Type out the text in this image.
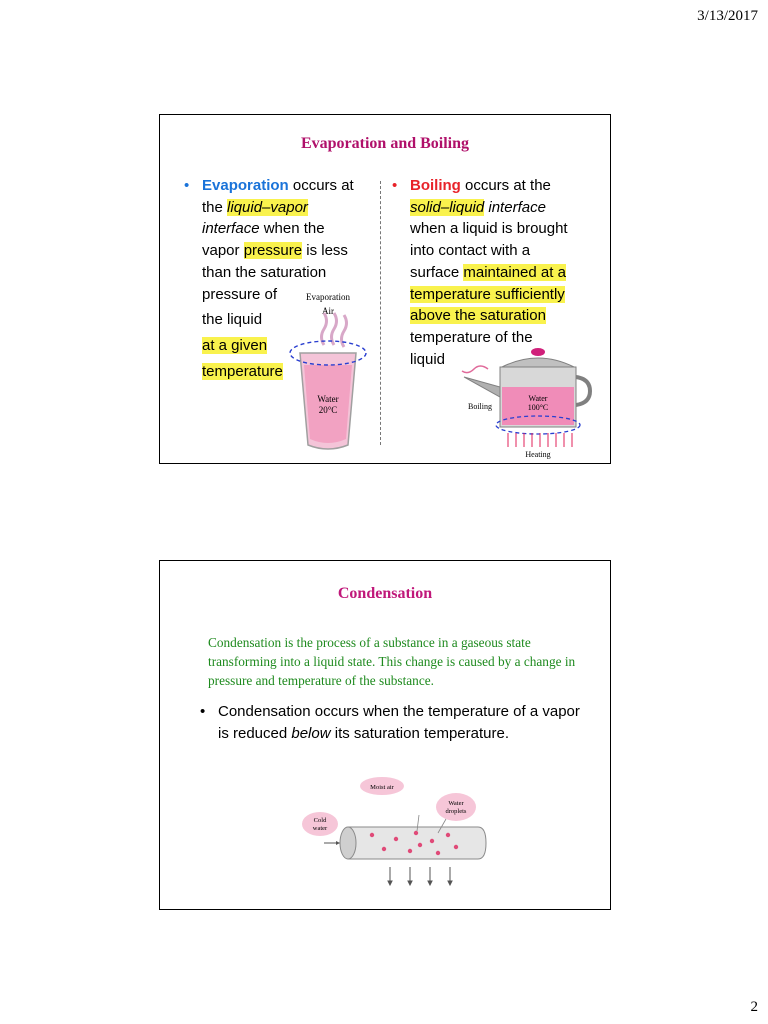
3/13/2017
Evaporation and Boiling
• Evaporation occurs at
the liquid–vapor
interface when the
vapor pressure is less
than the saturation
pressure of
the liquid
at a given
temperature
• Boiling occurs at the
solid–liquid interface
when a liquid is brought
into contact with a
surface maintained at a
temperature sufficiently
above the saturation
temperature of the
liquid
Evaporation
Air
Water
20°C
Water
100°C
Boiling
Heating
Condensation
Condensation is the process of a substance in a gaseous state transforming into a liquid state. This change is caused by a change in pressure and temperature of the substance.
• Condensation occurs when the temperature of a vapor is reduced below its saturation temperature.
Moist air
Water
droplets
Cold
water
2
